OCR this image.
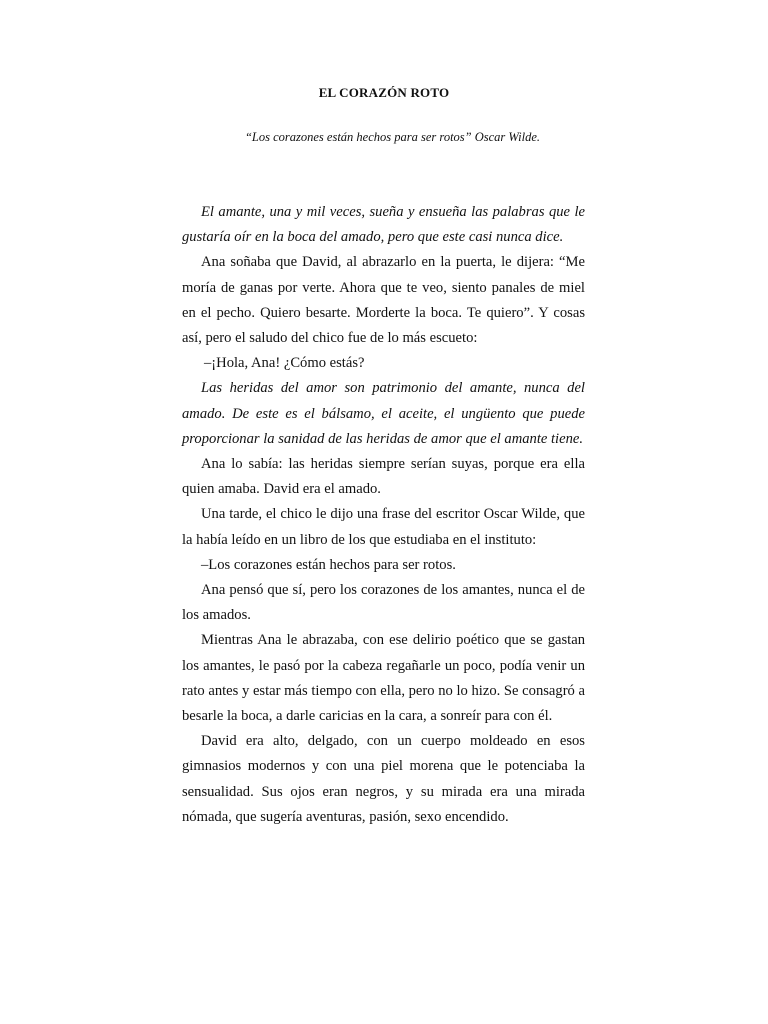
EL CORAZÓN ROTO
“Los corazones están hechos para ser rotos” Oscar Wilde.

El amante, una y mil veces, sueña y ensueña las palabras que le gustaría oír en la boca del amado, pero que este casi nunca dice.

Ana soñaba que David, al abrazarlo en la puerta, le dijera: “Me moría de ganas por verte. Ahora que te veo, siento panales de miel en el pecho. Quiero besarte. Morderte la boca. Te quiero”. Y cosas así, pero el saludo del chico fue de lo más escueto:

–¡Hola, Ana! ¿Cómo estás?

Las heridas del amor son patrimonio del amante, nunca del amado. De este es el bálsamo, el aceite, el ungüento que puede proporcionar la sanidad de las heridas de amor que el amante tiene.

Ana lo sabía: las heridas siempre serían suyas, porque era ella quien amaba. David era el amado.

Una tarde, el chico le dijo una frase del escritor Oscar Wilde, que la había leído en un libro de los que estudiaba en el instituto:

–Los corazones están hechos para ser rotos.

Ana pensó que sí, pero los corazones de los amantes, nunca el de los amados.

Mientras Ana le abrazaba, con ese delirio poético que se gastan los amantes, le pasó por la cabeza regañarle un poco, podía venir un rato antes y estar más tiempo con ella, pero no lo hizo. Se consagró a besarle la boca, a darle caricias en la cara, a sonreír para con él.

David era alto, delgado, con un cuerpo moldeado en esos gimnasios modernos y con una piel morena que le potenciaba la sensualidad. Sus ojos eran negros, y su mirada era una mirada nómada, que sugería aventuras, pasión, sexo encendido.
